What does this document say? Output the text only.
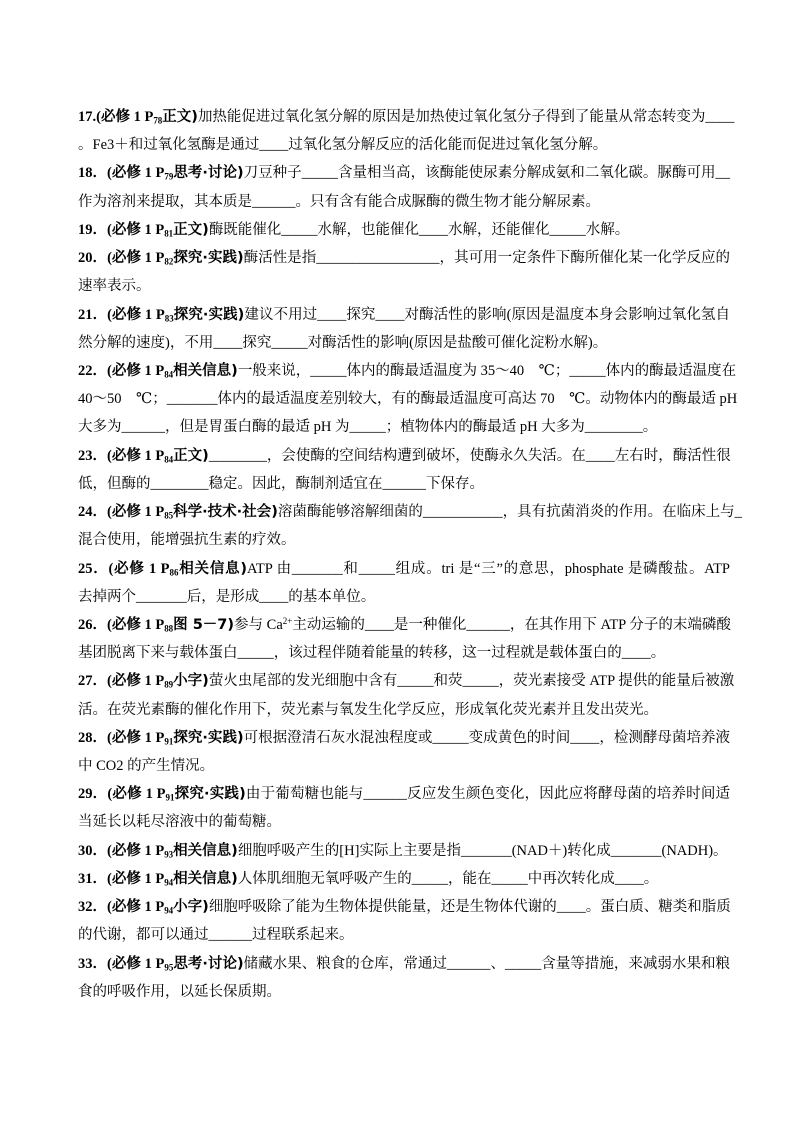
17.(必修 1 $P_{78}$正文)加热能促进过氧化氢分解的原因是加热使过氧化氢分子得到了能量从常态转变为____
。Fe3＋和过氧化氢酶是通过____过氧化氢分解反应的活化能而促进过氧化氢分解。
18．(必修 1 $P_{79}$思考·讨论)刀豆种子_____含量相当高，该酶能使尿素分解成氨和二氧化碳。脲酶可用__
作为溶剂来提取，其本质是______。只有含有能合成脲酶的微生物才能分解尿素。
19．(必修 1 $P_{81}$正文)酶既能催化_____水解，也能催化____水解，还能催化_____水解。
20．(必修 1 $P_{82}$探究·实践)酶活性是指_________________，其可用一定条件下酶所催化某一化学反应的
速率表示。
21．(必修 1 $P_{83}$探究·实践)建议不用过____探究____对酶活性的影响(原因是温度本身会影响过氧化氢自
然分解的速度)，不用____探究_____对酶活性的影响(原因是盐酸可催化淀粉水解)。
22．(必修 1 $P_{84}$相关信息)一般来说，_____体内的酶最适温度为 35～40　℃；_____体内的酶最适温度在
40～50　℃；_______体内的最适温度差别较大，有的酶最适温度可高达 70　℃。动物体内的酶最适 pH
大多为______，但是胃蛋白酶的最适 pH 为_____；植物体内的酶最适 pH 大多为________。
23．(必修 1 $P_{84}$正文)________，会使酶的空间结构遭到破坏，使酶永久失活。在____左右时，酶活性很
低，但酶的________稳定。因此，酶制剂适宜在______下保存。
24．(必修 1 $P_{85}$科学·技术·社会)溶菌酶能够溶解细菌的___________，具有抗菌消炎的作用。在临床上与_
混合使用，能增强抗生素的疗效。
25．(必修 1 $P_{86}$相关信息)ATP 由_______和_____组成。tri 是“三”的意思，phosphate 是磷酸盐。ATP
去掉两个_______后，是形成____的基本单位。
26．(必修 1 $P_{88}$图 5－7)参与 $Ca^{2+}$主动运输的____是一种催化______，在其作用下 ATP 分子的末端磷酸
基团脱离下来与载体蛋白_____，该过程伴随着能量的转移，这一过程就是载体蛋白的____。
27．(必修 1 $P_{89}$小字)萤火虫尾部的发光细胞中含有_____和荧_____，荧光素接受 ATP 提供的能量后被激
活。在荧光素酶的催化作用下，荧光素与氧发生化学反应，形成氧化荧光素并且发出荧光。
28．(必修 1 $P_{91}$探究·实践)可根据澄清石灰水混浊程度或_____变成黄色的时间____，检测酵母菌培养液
中 CO2 的产生情况。
29．(必修 1 $P_{91}$探究·实践)由于葡萄糖也能与______反应发生颜色变化，因此应将酵母菌的培养时间适
当延长以耗尽溶液中的葡萄糖。
30．(必修 1 $P_{93}$相关信息)细胞呼吸产生的[H]实际上主要是指_______(NAD＋)转化成_______(NADH)。
31．(必修 1 $P_{94}$相关信息)人体肌细胞无氧呼吸产生的_____，能在_____中再次转化成____。
32．(必修 1 $P_{94}$小字)细胞呼吸除了能为生物体提供能量，还是生物体代谢的____。蛋白质、糖类和脂质
的代谢，都可以通过______过程联系起来。
33．(必修 1 $P_{95}$思考·讨论)储藏水果、粮食的仓库，常通过______、_____含量等措施，来减弱水果和粮
食的呼吸作用，以延长保质期。
